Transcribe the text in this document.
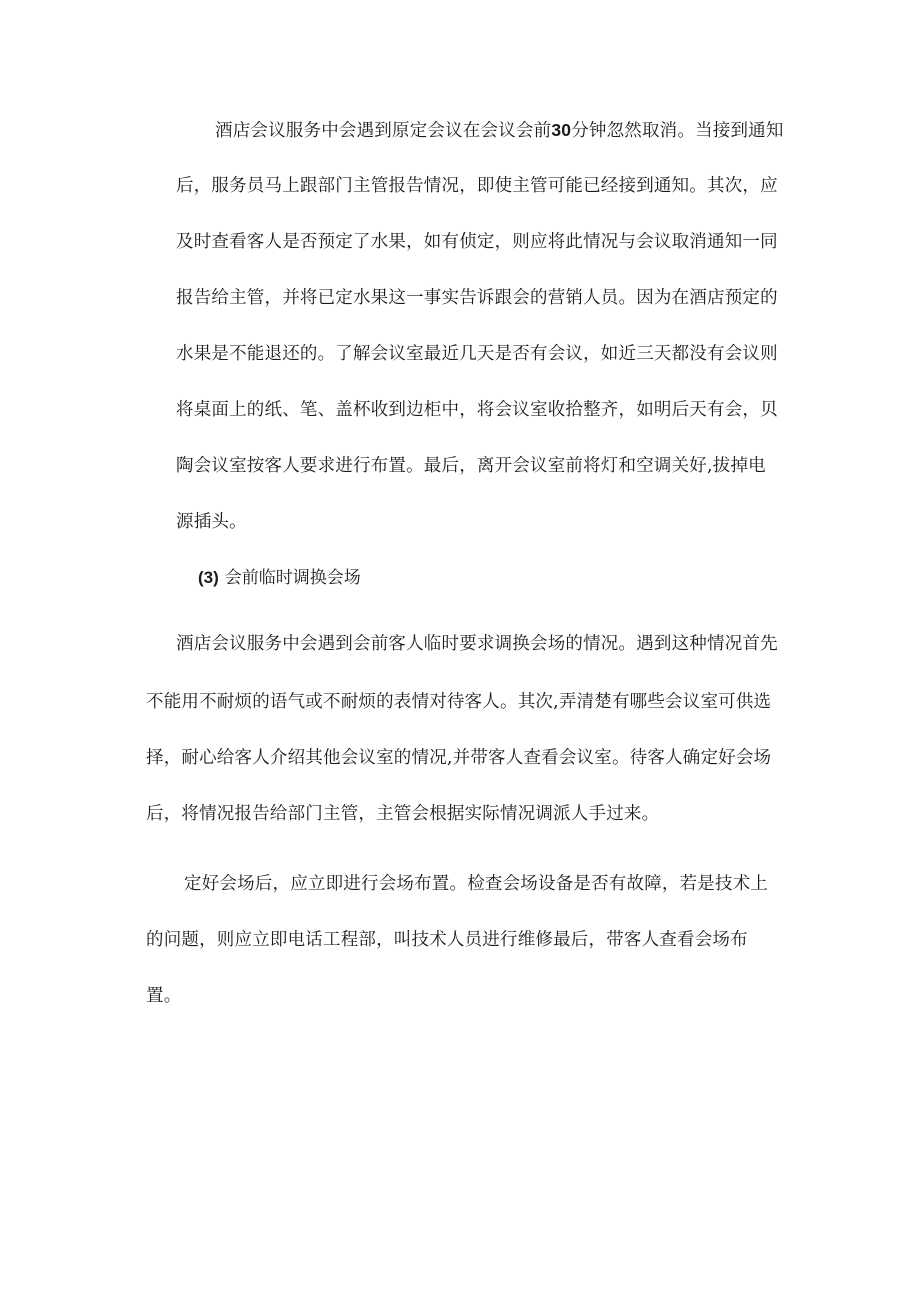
酒店会议服务中会遇到原定会议在会议会前30分钟忽然取消。当接到通知
后，服务员马上跟部门主管报告情况，即使主管可能已经接到通知。其次，应
及时查看客人是否预定了水果，如有侦定，则应将此情况与会议取消通知一同
报告给主管，并将已定水果这一事实告诉跟会的营销人员。因为在酒店预定的
水果是不能退还的。了解会议室最近几天是否有会议，如近三天都没有会议则
将桌面上的纸、笔、盖杯收到边柜中，将会议室收拾整齐，如明后天有会，贝
陶会议室按客人要求进行布置。最后，离开会议室前将灯和空调关好,拔掉电
源插头。
(3) 会前临时调换会场
酒店会议服务中会遇到会前客人临时要求调换会场的情况。遇到这种情况首先
不能用不耐烦的语气或不耐烦的表情对待客人。其次,弄清楚有哪些会议室可供选
择，耐心给客人介绍其他会议室的情况,并带客人查看会议室。待客人确定好会场
后，将情况报告给部门主管，主管会根据实际情况调派人手过来。
定好会场后，应立即进行会场布置。检查会场设备是否有故障，若是技术上
的问题，则应立即电话工程部，叫技术人员进行维修最后，带客人查看会场布
置。
